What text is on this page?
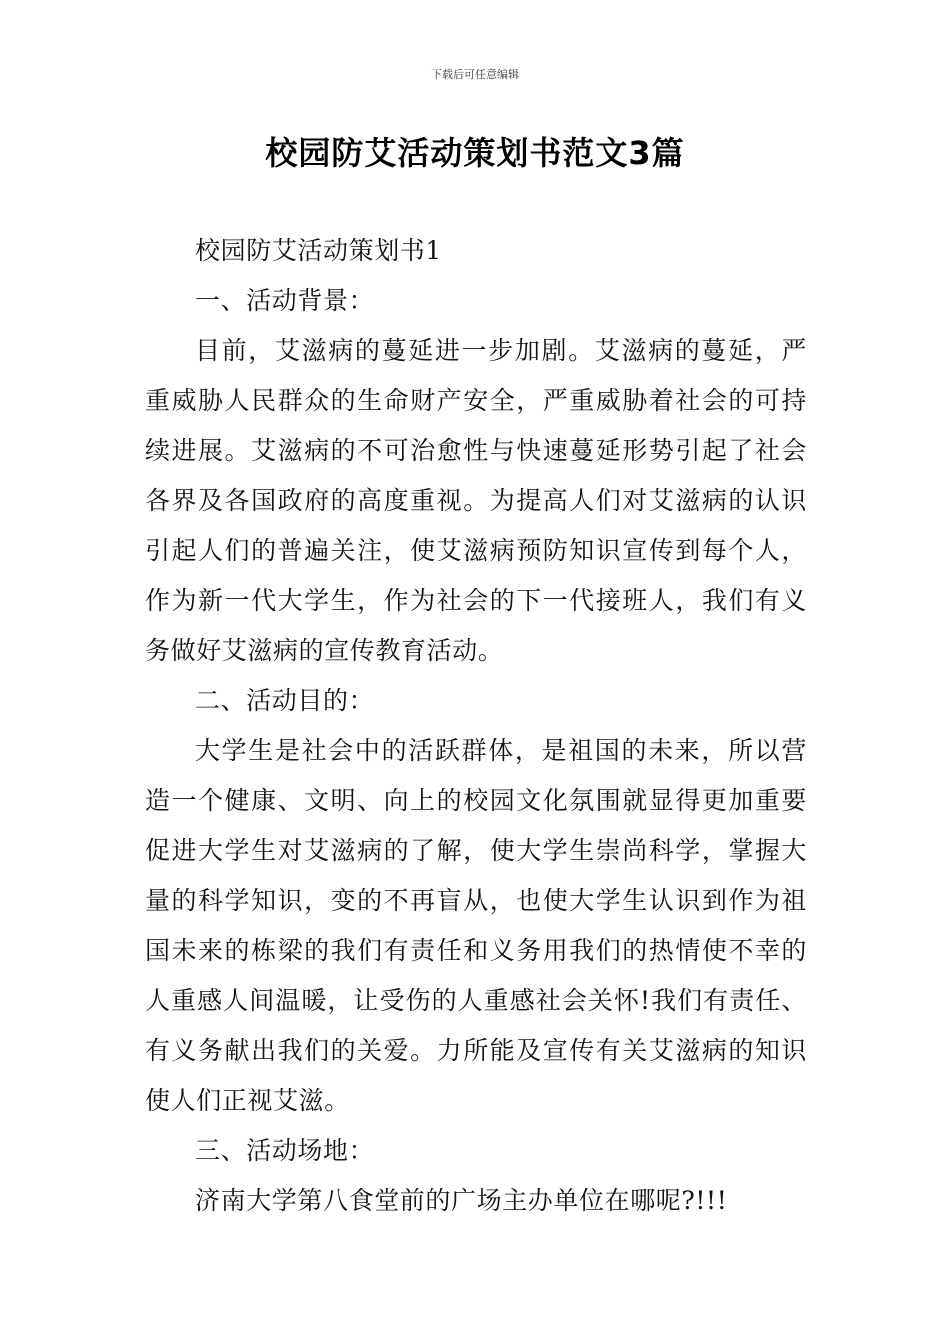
下载后可任意编辑
校园防艾活动策划书范文3篇

校园防艾活动策划书1

一、活动背景：

目前，艾滋病的蔓延进一步加剧。艾滋病的蔓延，严重威胁人民群众的生命财产安全，严重威胁着社会的可持续进展。艾滋病的不可治愈性与快速蔓延形势引起了社会各界及各国政府的高度重视。为提高人们对艾滋病的认识引起人们的普遍关注，使艾滋病预防知识宣传到每个人，作为新一代大学生，作为社会的下一代接班人，我们有义务做好艾滋病的宣传教育活动。

二、活动目的：

大学生是社会中的活跃群体，是祖国的未来，所以营造一个健康、文明、向上的校园文化氛围就显得更加重要促进大学生对艾滋病的了解，使大学生崇尚科学，掌握大量的科学知识，变的不再盲从，也使大学生认识到作为祖国未来的栋梁的我们有责任和义务用我们的热情使不幸的人重感人间温暖，让受伤的人重感社会关怀!我们有责任、有义务献出我们的关爱。力所能及宣传有关艾滋病的知识使人们正视艾滋。

三、活动场地：

济南大学第八食堂前的广场主办单位在哪呢?!!!
